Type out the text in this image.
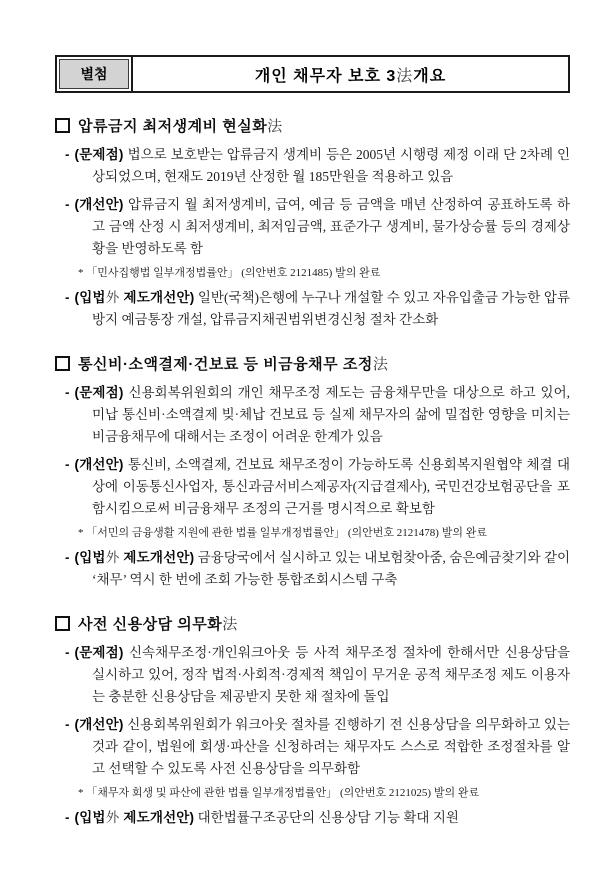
별첨	개인 채무자 보호 3 法 개요
압류금지 최저생계비 현실화法

- (문제점) 법으로 보호받는 압류금지 생계비 등은 2005년 시행령 제정 이래 단 2차례 인상되었으며, 현재도 2019년 산정한 월 185만원을 적용하고 있음

- (개선안) 압류금지 월 최저생계비, 급여, 예금 등 금액을 매년 산정하여 공표하도록 하고 금액 산정 시 최저생계비, 최저임금액, 표준가구 생계비, 물가상승률 등의 경제상황을 반영하도록 함

* 「민사집행법 일부개정법률안」 (의안번호 2121485) 발의 완료

- (입법外 제도개선안) 일반(국책)은행에 누구나 개설할 수 있고 자유입출금 가능한 압류방지 예금통장 개설, 압류금지채권범위변경신청 절차 간소화

통신비·소액결제·건보료 등 비금융채무 조정法

- (문제점) 신용회복위원회의 개인 채무조정 제도는 금융채무만을 대상으로 하고 있어, 미납 통신비·소액결제 빚·체납 건보료 등 실제 채무자의 삶에 밀접한 영향을 미치는 비금융채무에 대해서는 조정이 어려운 한계가 있음

- (개선안) 통신비, 소액결제, 건보료 채무조정이 가능하도록 신용회복지원협약 체결 대상에 이동통신사업자, 통신과금서비스제공자(지급결제사), 국민건강보험공단을 포함시킴으로써 비금융채무 조정의 근거를 명시적으로 확보함

* 「서민의 금융생활 지원에 관한 법률 일부개정법률안」 (의안번호 2121478) 발의 완료

- (입법外 제도개선안) 금융당국에서 실시하고 있는 내보험찾아줌, 숨은예금찾기와 같이 ‘채무’ 역시 한 번에 조회 가능한 통합조회시스템 구축

사전 신용상담 의무화法

- (문제점) 신속채무조정·개인워크아웃 등 사적 채무조정 절차에 한해서만 신용상담을 실시하고 있어, 정작 법적·사회적·경제적 책임이 무거운 공적 채무조정 제도 이용자는 충분한 신용상담을 제공받지 못한 채 절차에 돌입

- (개선안) 신용회복위원회가 워크아웃 절차를 진행하기 전 신용상담을 의무화하고 있는 것과 같이, 법원에 회생·파산을 신청하려는 채무자도 스스로 적합한 조정절차를 알고 선택할 수 있도록 사전 신용상담을 의무화함

* 「채무자 회생 및 파산에 관한 법률 일부개정법률안」 (의안번호 2121025) 발의 완료

- (입법外 제도개선안) 대한법률구조공단의 신용상담 기능 확대 지원
